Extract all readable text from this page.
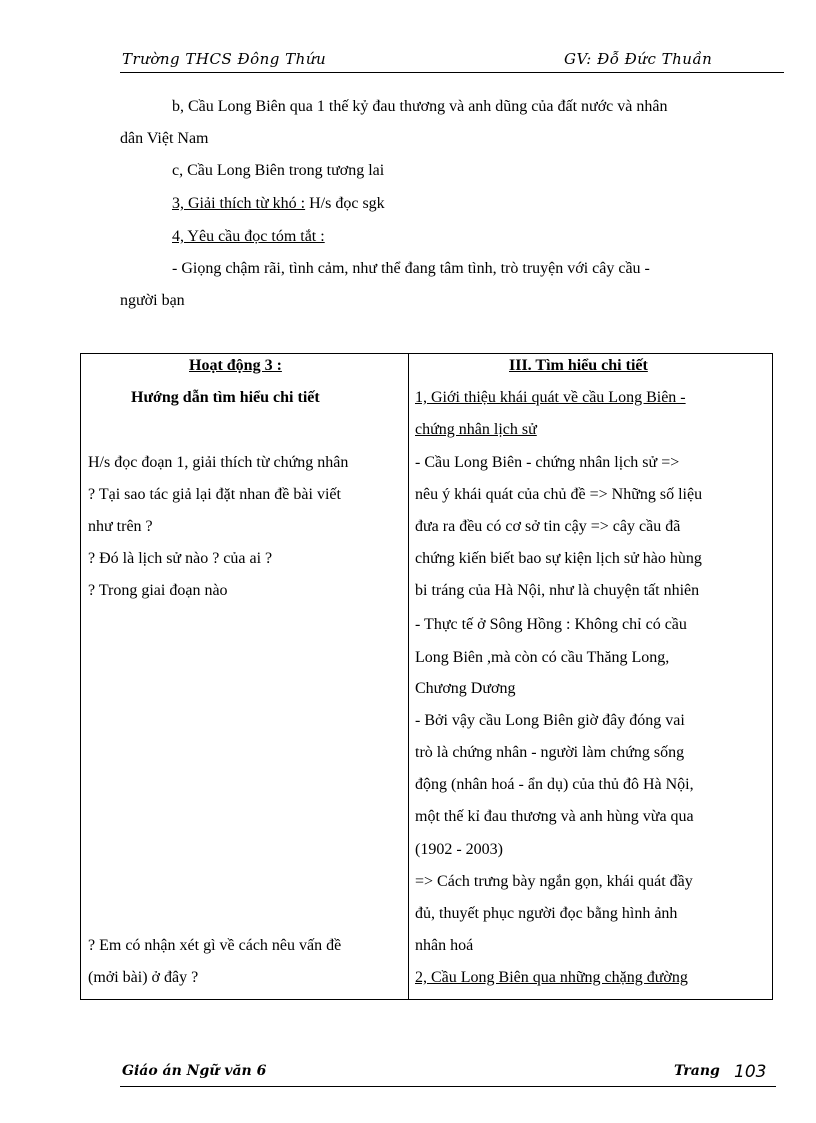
Trường THCS Đông Thứu	GV: Đỗ Đức Thuần
b, Cầu Long Biên qua 1 thế kỷ đau thương và anh dũng của đất nước và nhân
dân Việt Nam
c, Cầu Long Biên trong tương lai
3, Giải thích từ khó : H/s đọc sgk
4, Yêu cầu đọc tóm tắt :
- Giọng chậm rãi, tình cảm, như thể đang tâm tình, trò truyện với cây cầu -
người bạn
Hoạt động 3 :
Hướng dẫn tìm hiểu chi tiết
H/s đọc đoạn 1, giải thích từ chứng nhân
? Tại sao tác giả lại đặt nhan đề bài viết
như trên ?
? Đó là lịch sử nào ? của ai ?
? Trong giai đoạn nào
? Em có nhận xét gì về cách nêu vấn đề
(mởi bài) ở đây ?
III. Tìm hiểu chi tiết
1, Giới thiệu khái quát về cầu Long Biên -
chứng nhân lịch sử
- Cầu Long Biên - chứng nhân lịch sử =>
nêu ý khái quát của chủ đề => Những số liệu
đưa ra đều có cơ sở tin cậy => cây cầu đã
chứng kiến biết bao sự kiện lịch sử hào hùng
bi tráng của Hà Nội, như là chuyện tất nhiên
- Thực tế ở Sông Hồng : Không chỉ có cầu
Long Biên ,mà còn có cầu Thăng Long,
Chương Dương
- Bởi vậy cầu Long Biên giờ đây đóng vai
trò là chứng nhân - người làm chứng sống
động (nhân hoá - ẩn dụ) của thủ đô Hà Nội,
một thế kỉ đau thương và anh hùng vừa qua
(1902 - 2003)
=> Cách trưng bày ngắn gọn, khái quát đầy
đủ, thuyết phục người đọc bằng hình ảnh
nhân hoá
2, Cầu Long Biên qua những chặng đường
Giáo án Ngữ văn 6	Trang 103
